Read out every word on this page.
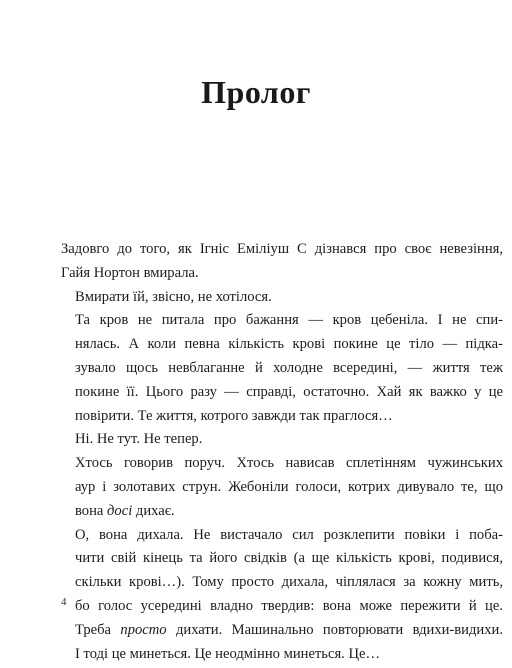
Пролог

Задовго до того, як Ігніс Еміліуш С дізнався про своє невезіння,
Гайя Нортон вмирала.

Вмирати їй, звісно, не хотілося.

Та кров не питала про бажання — кров цебеніла. І не спи-
нялась. А коли певна кількість крові покине це тіло — підка-
зувало щось невблаганне й холодне всередині, — життя теж
покине її. Цього разу — справді, остаточно. Хай як важко у це
повірити. Те життя, котрого завжди так праглося…

Ні. Не тут. Не тепер.

Хтось говорив поруч. Хтось нависав сплетінням чужинських
аур і золотавих струн. Жебоніли голоси, котрих дивувало те, що
вона досі дихає.

О, вона дихала. Не вистачало сил розклепити повіки і поба-
чити свій кінець та його свідків (а ще кількість крові, подивися,
скільки крові…). Тому просто дихала, чіплялася за кожну мить,
бо голос усередині владно твердив: вона може пережити й це.
Треба просто дихати. Машинально повторювати вдихи-видихи.
І тоді це минеться. Це неодмінно минеться. Це…

4
